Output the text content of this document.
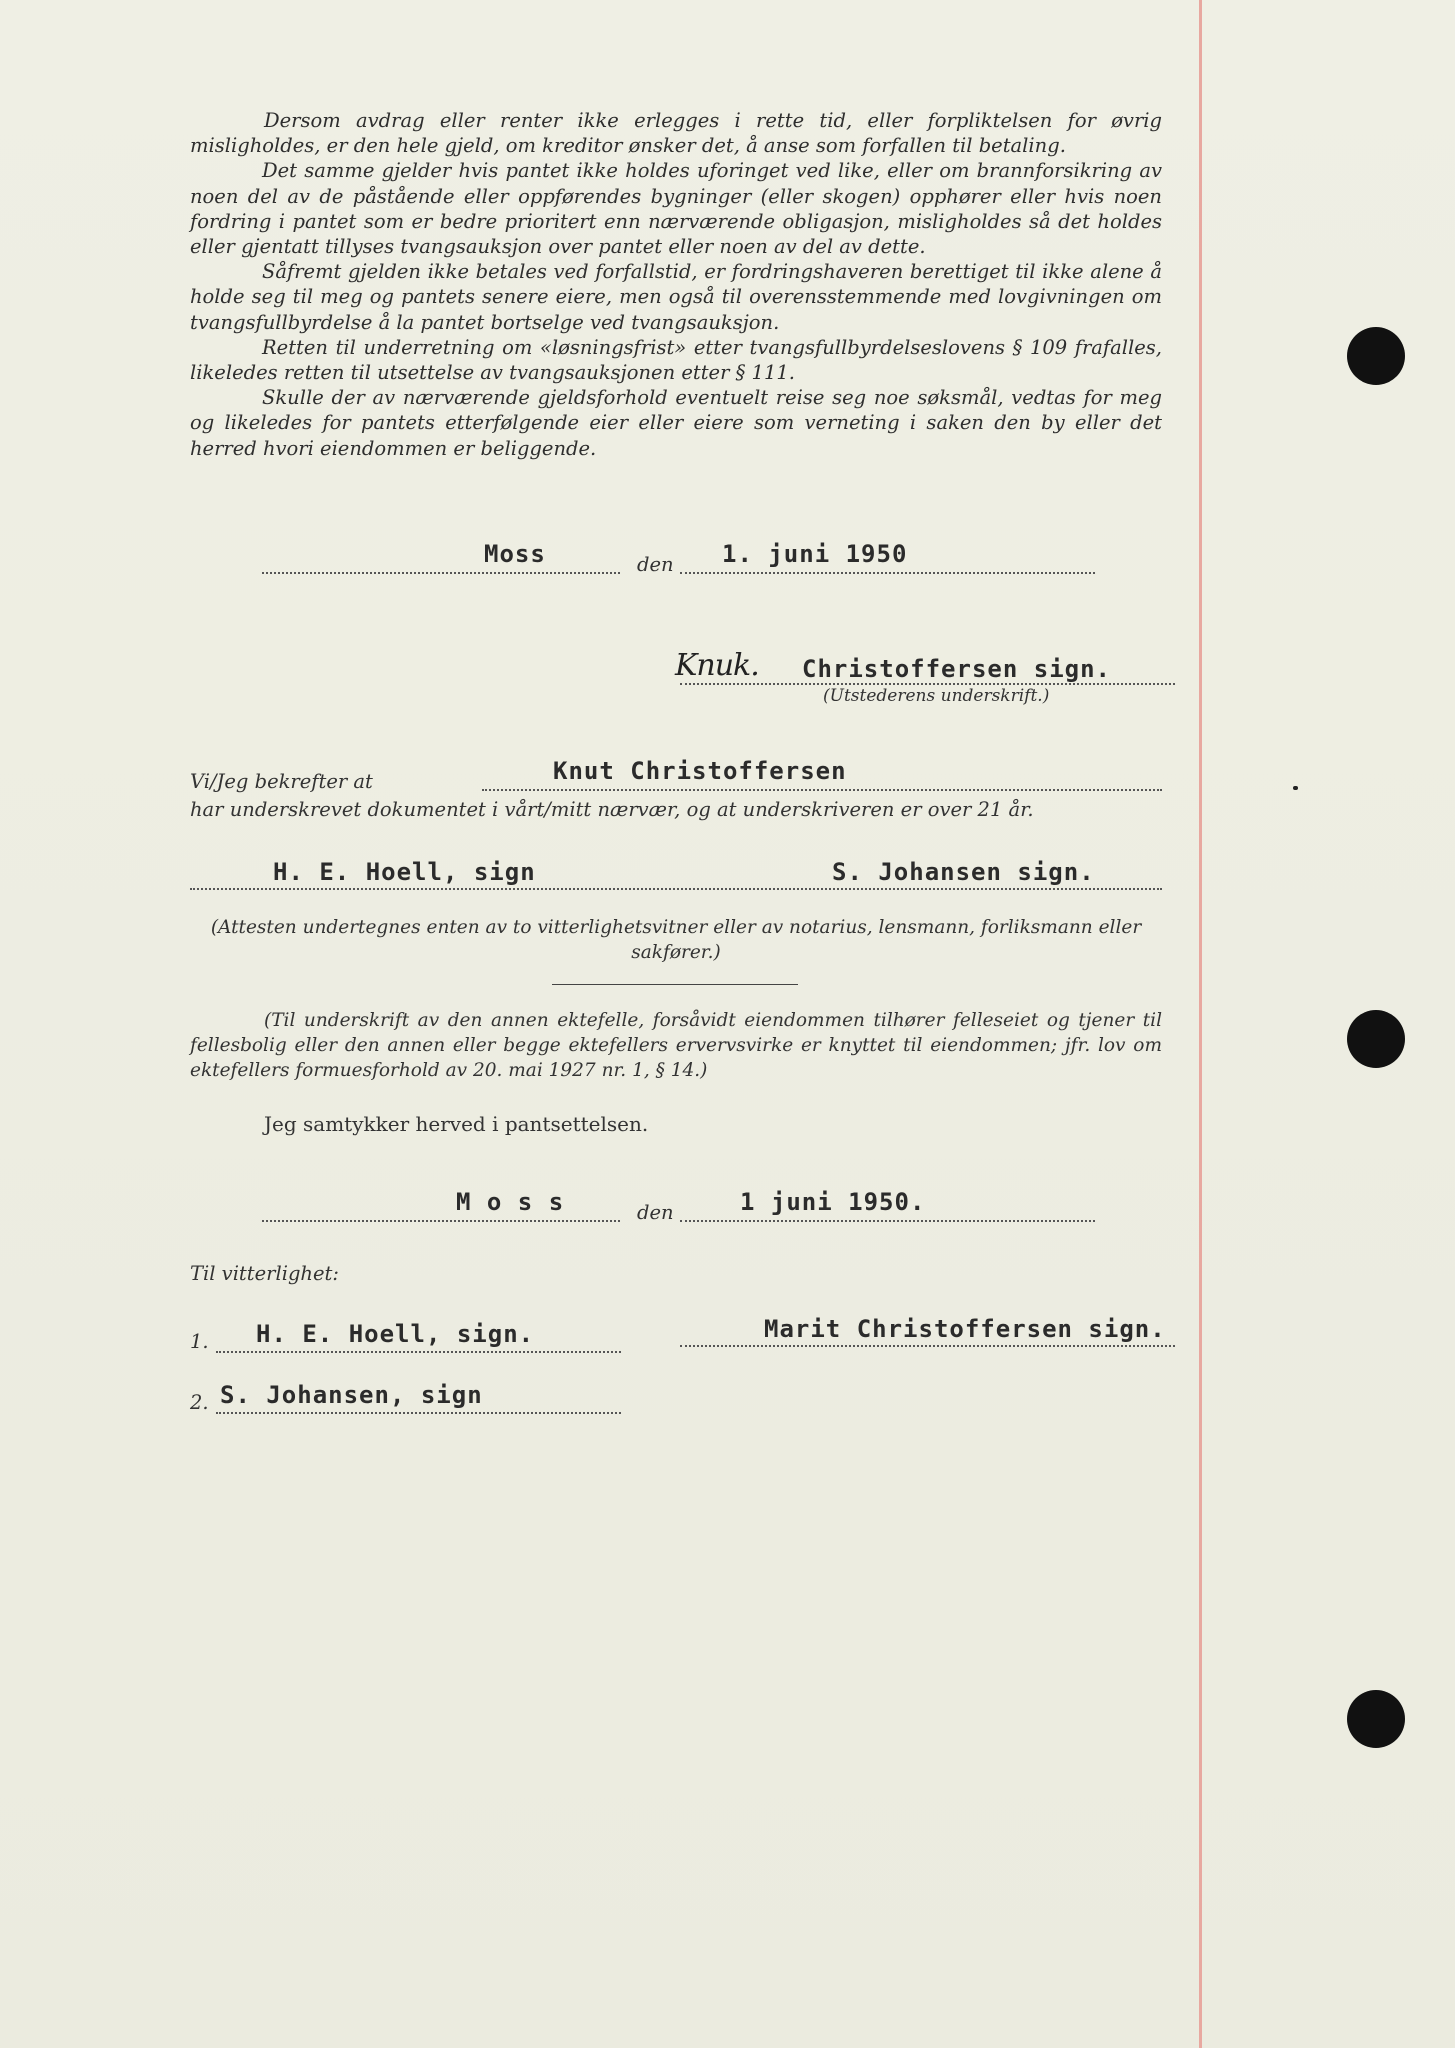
Dersom avdrag eller renter ikke erlegges i rette tid, eller forpliktelsen for øvrig misligholdes, er den hele gjeld, om kreditor ønsker det, å anse som forfallen til betaling.

Det samme gjelder hvis pantet ikke holdes uforinget ved like, eller om brannforsikring av noen del av de påstående eller oppførendes bygninger (eller skogen) opphører eller hvis noen fordring i pantet som er bedre prioritert enn nærværende obligasjon, misligholdes så det holdes eller gjentatt tillyses tvangsauksjon over pantet eller noen av del av dette.

Såfremt gjelden ikke betales ved forfallstid, er fordringshaveren berettiget til ikke alene å holde seg til meg og pantets senere eiere, men også til overensstemmende med lovgivningen om tvangsfullbyrdelse å la pantet bortselge ved tvangsauksjon.

Retten til underretning om «løsningsfrist» etter tvangsfullbyrdelseslovens § 109 frafalles, likeledes retten til utsettelse av tvangsauksjonen etter § 111.

Skulle der av nærværende gjeldsforhold eventuelt reise seg noe søksmål, vedtas for meg og likeledes for pantets etterfølgende eier eller eiere som verneting i saken den by eller det herred hvori eiendommen er beliggende.

Moss	den 1. juni 1950
Knuk. Christoffersen sign.
(Utstederens underskrift.)
Vi/Jeg bekrefter at	Knut Christoffersen
har underskrevet dokumentet i vårt/mitt nærvær, og at underskriveren er over 21 år.
H. E. Hoell, sign	S. Johansen sign.
(Attesten undertegnes enten av to vitterlighetsvitner eller av notarius, lensmann, forliksmann eller sakfører.)
(Til underskrift av den annen ektefelle, forsåvidt eiendommen tilhører felleseiet og tjener til fellesbolig eller den annen eller begge ektefellers ervervsvirke er knyttet til eiendommen; jfr. lov om ektefellers formuesforhold av 20. mai 1927 nr. 1, § 14.)
Jeg samtykker herved i pantsettelsen.
M o s s	den	1 juni 1950.
Til vitterlighet:
1. H. E. Hoell, sign.
2. S. Johansen, sign
Marit Christoffersen sign.
